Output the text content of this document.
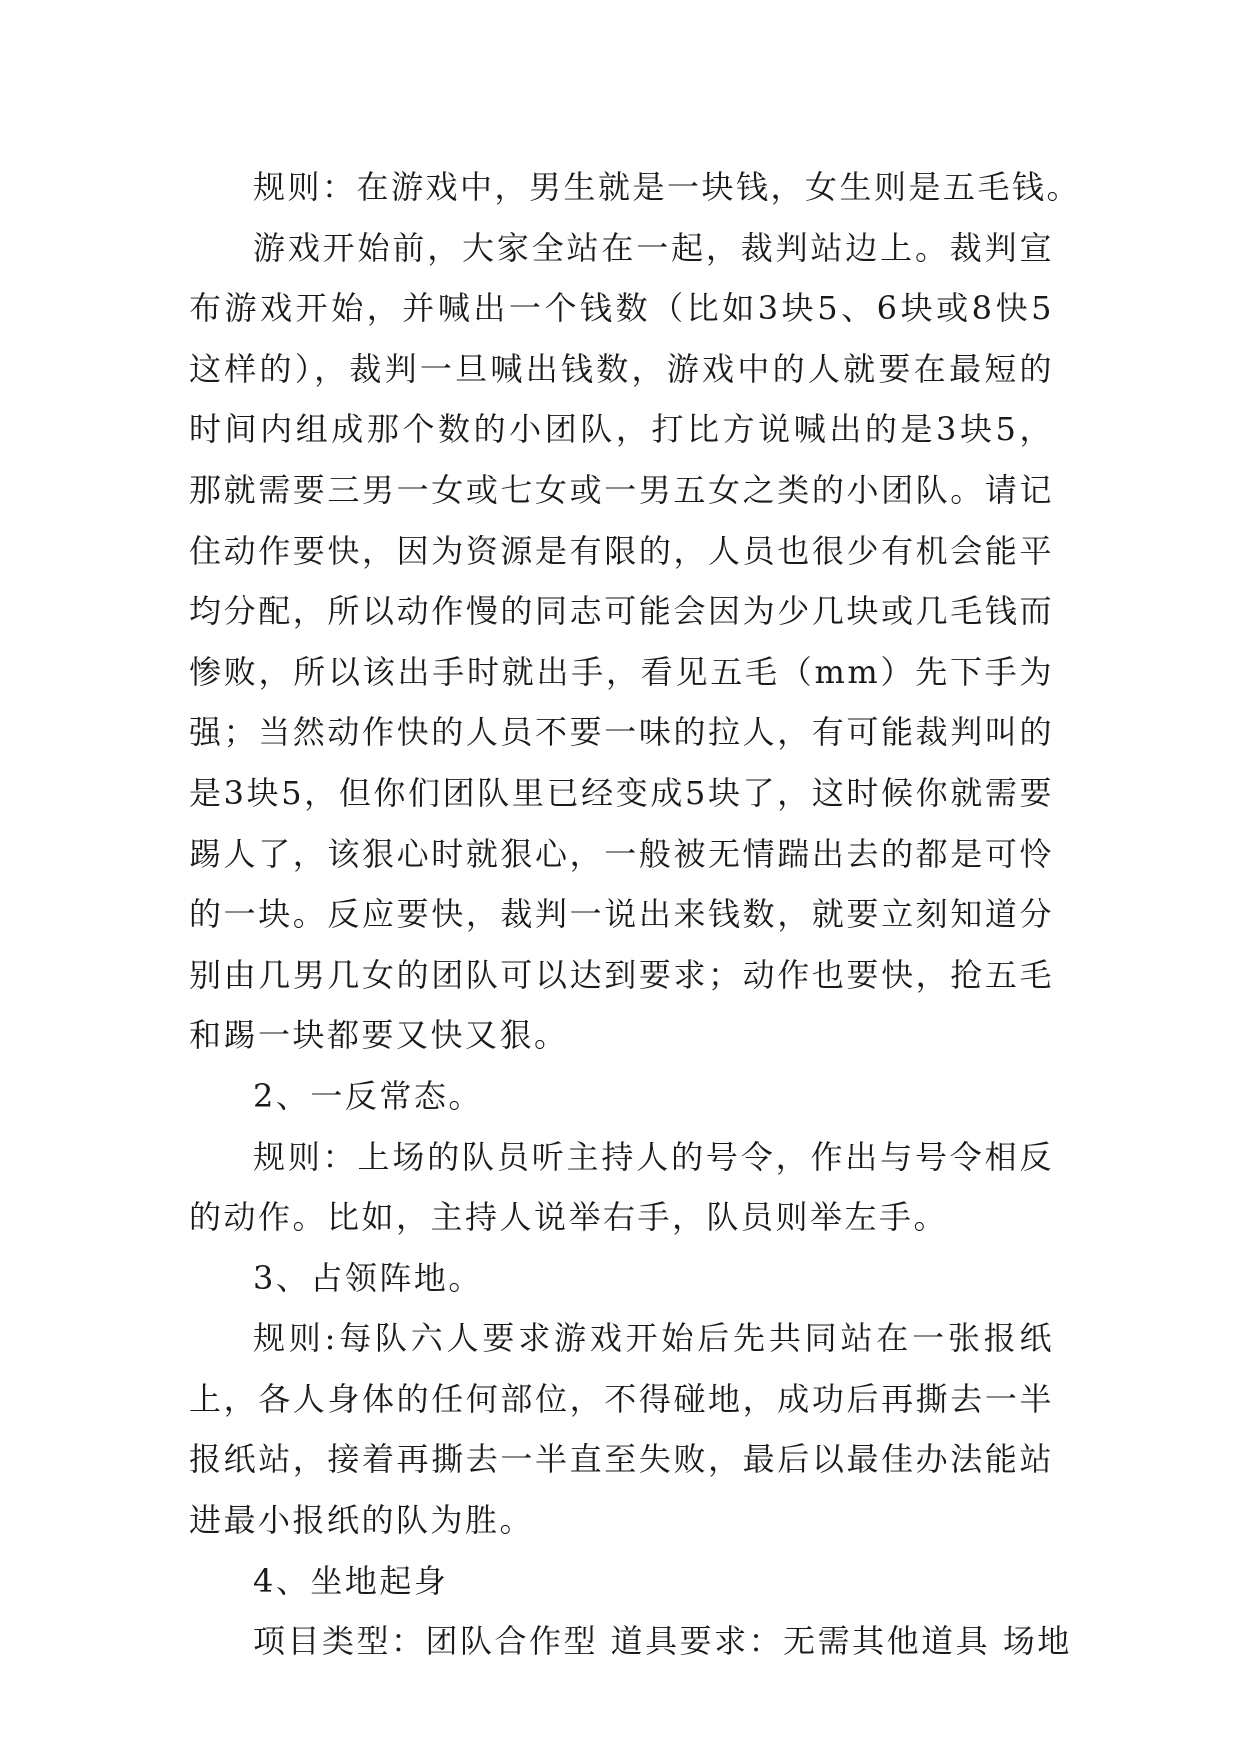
规则：在游戏中，男生就是一块钱，女生则是五毛钱。

游戏开始前，大家全站在一起，裁判站边上。裁判宣布游戏开始，并喊出一个钱数（比如3块5、6块或8快5这样的），裁判一旦喊出钱数，游戏中的人就要在最短的时间内组成那个数的小团队，打比方说喊出的是3块5，那就需要三男一女或七女或一男五女之类的小团队。请记住动作要快，因为资源是有限的，人员也很少有机会能平均分配，所以动作慢的同志可能会因为少几块或几毛钱而惨败，所以该出手时就出手，看见五毛（mm）先下手为强；当然动作快的人员不要一味的拉人，有可能裁判叫的是3块5，但你们团队里已经变成5块了，这时候你就需要踢人了，该狠心时就狠心，一般被无情踹出去的都是可怜的一块。反应要快，裁判一说出来钱数，就要立刻知道分别由几男几女的团队可以达到要求；动作也要快，抢五毛和踢一块都要又快又狠。

2、一反常态。

规则：上场的队员听主持人的号令，作出与号令相反的动作。比如，主持人说举右手，队员则举左手。

3、占领阵地。

规则:每队六人要求游戏开始后先共同站在一张报纸上，各人身体的任何部位，不得碰地，成功后再撕去一半报纸站，接着再撕去一半直至失败，最后以最佳办法能站进最小报纸的队为胜。

4、坐地起身

项目类型：团队合作型 道具要求：无需其他道具 场地
